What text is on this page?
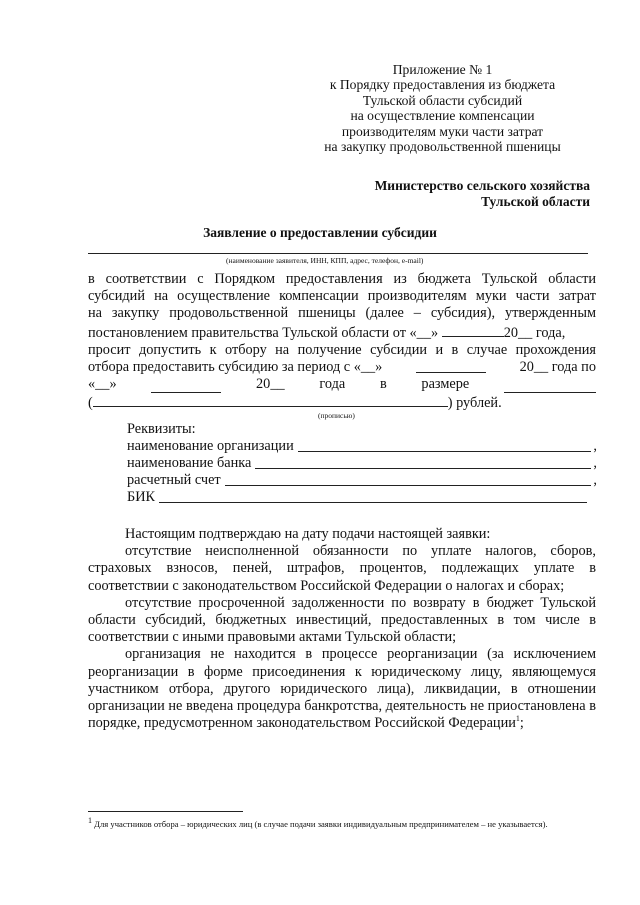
Приложение № 1
к Порядку предоставления из бюджета
Тульской области субсидий
на осуществление компенсации
производителям муки части затрат
на закупку продовольственной пшеницы
Министерство сельского хозяйства
Тульской области
Заявление о предоставлении субсидии
(наименование заявителя, ИНН, КПП, адрес, телефон, e-mail)
в соответствии с Порядком предоставления из бюджета Тульской области
субсидий на осуществление компенсации производителям муки части затрат
на закупку продовольственной пшеницы (далее – субсидия), утвержденным
постановлением правительства Тульской области от «__»	20__ года,
просит допустить к отбору на получение субсидии и в случае прохождения
отбора предоставить субсидию за период с «__»	20__ года по
«__»	20__ года в размере
(	) рублей.
(прописью)
Реквизиты:
наименование организации	,
наименование банка	,
расчетный счет	,
БИК
Настоящим подтверждаю на дату подачи настоящей заявки:
отсутствие неисполненной обязанности по уплате налогов, сборов, страховых взносов, пеней, штрафов, процентов, подлежащих уплате в соответствии с законодательством Российской Федерации о налогах и сборах;
отсутствие просроченной задолженности по возврату в бюджет Тульской области субсидий, бюджетных инвестиций, предоставленных в том числе в соответствии с иными правовыми актами Тульской области;
организация не находится в процессе реорганизации (за исключением реорганизации в форме присоединения к юридическому лицу, являющемуся участником отбора, другого юридического лица), ликвидации, в отношении организации не введена процедура банкротства, деятельность не приостановлена в порядке, предусмотренном законодательством Российской Федерации$^1$;
$^1$ Для участников отбора – юридических лиц (в случае подачи заявки индивидуальным предпринимателем – не указывается).
